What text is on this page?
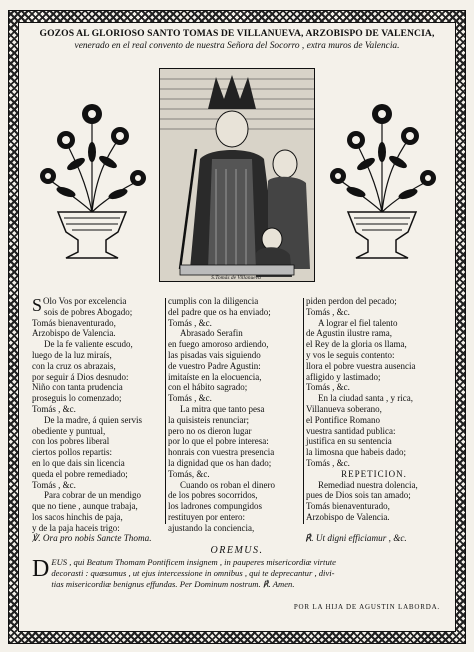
GOZOS AL GLORIOSO SANTO TOMAS DE VILLANUEVA, ARZOBISPO DE VALENCIA,
venerado en el real convento de nuestra Señora del Socorro , extra muros de Valencia.
S.Tomás de Villanueva
S Olo Vos por excelencia
sois de pobres Abogado;
Tomás bienaventurado,
Arzobispo de Valencia.
De la fe valiente escudo,
luego de la luz miraís,
con la cruz os abrazais,
por seguir á Dios desnudo:
Niño con tanta prudencia
proseguis lo comenzado;
Tomás , &c.
De la madre, á quien servis
obediente y puntual,
con los pobres liberal
ciertos pollos repartis:
en lo que dais sin licencia
queda el pobre remediado;
Tomás , &c.
Para cobrar de un mendigo
que no tiene , aunque trabaja,
los sacos hinchis de paja,
y de la paja haceis trigo:
cumplis con la diligencia
del padre que os ha enviado;
Tomás , &c.
Abrasado Serafin
en fuego amoroso ardiendo,
las pisadas vais siguiendo
de vuestro Padre Agustin:
imitaíste en la elocuencia,
con el hábito sagrado;
Tomás , &c.
La mitra que tanto pesa
la quisisteis renunciar;
pero no os dieron lugar
por lo que el pobre interesa:
honrais con vuestra presencia
la dignidad que os han dado;
Tomás, &c.
Cuando os roban el dinero
de los pobres socorridos,
los ladrones compungidos
restituyen por entero:
ajustando la conciencia,
piden perdon del pecado;
Tomás , &c.
A lograr el fiel talento
de Agustin ilustre rama,
el Rey de la gloria os llama,
y vos le seguis contento:
llora el pobre vuestra ausencia
afligido y lastimado;
Tomás , &c.
En la ciudad santa , y rica,
Villanueva soberano,
el Pontifice Romano
vuestra santidad publica:
justifica en su sentencia
la limosna que habeis dado;
Tomás , &c.
REPETICION.
Remediad nuestra dolencia,
pues de Dios sois tan amado;
Tomás bienaventurado,
Arzobispo de Valencia.
℣. Ora pro nobis Sancte Thoma.	℟. Ut digni efficiamur , &c.
OREMUS.
D EUS , qui Beatum Thomam Pontificem insignem , in pauperes misericordiæ virtute
decorasti : quæsumus , ut ejus intercessione in omnibus , qui te deprecantur , divi-
tias misericordiæ benignus effundas. Per Dominum nostrum. ℟. Amen.
POR LA HIJA DE AGUSTIN LABORDA.
